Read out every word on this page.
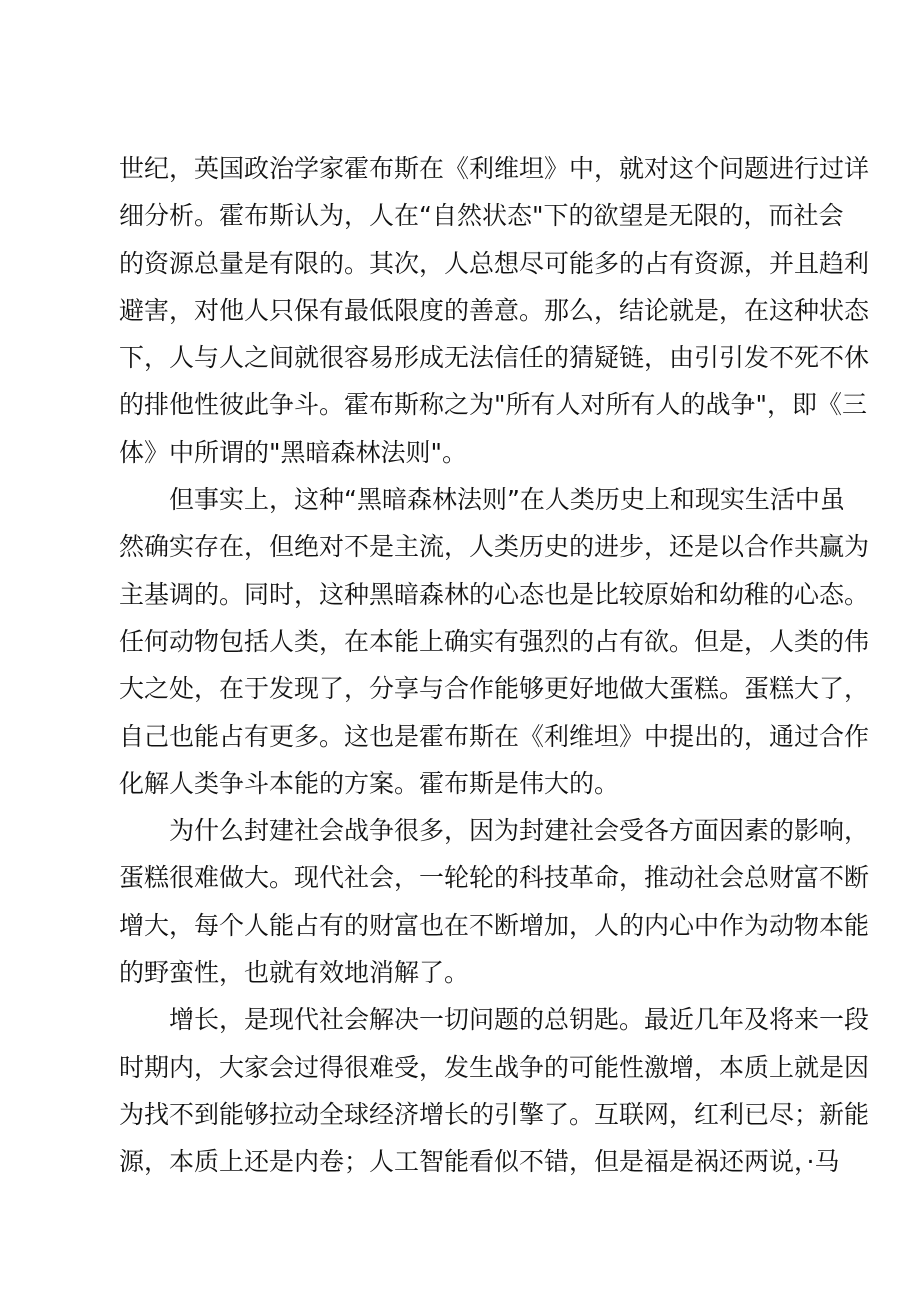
世纪，英国政治学家霍布斯在《利维坦》中，就对这个问题进行过详
细分析。霍布斯认为，人在“自然状态"下的欲望是无限的，而社会
的资源总量是有限的。其次，人总想尽可能多的占有资源，并且趋利
避害，对他人只保有最低限度的善意。那么，结论就是，在这种状态
下，人与人之间就很容易形成无法信任的猜疑链，由引引发不死不休
的排他性彼此争斗。霍布斯称之为"所有人对所有人的战争"，即《三
体》中所谓的"黑暗森林法则"。
但事实上，这种“黑暗森林法则”在人类历史上和现实生活中虽
然确实存在，但绝对不是主流，人类历史的进步，还是以合作共赢为
主基调的。同时，这种黑暗森林的心态也是比较原始和幼稚的心态。
任何动物包括人类，在本能上确实有强烈的占有欲。但是，人类的伟
大之处，在于发现了，分享与合作能够更好地做大蛋糕。蛋糕大了，
自己也能占有更多。这也是霍布斯在《利维坦》中提出的，通过合作
化解人类争斗本能的方案。霍布斯是伟大的。
为什么封建社会战争很多，因为封建社会受各方面因素的影响，
蛋糕很难做大。现代社会，一轮轮的科技革命，推动社会总财富不断
增大，每个人能占有的财富也在不断增加，人的内心中作为动物本能
的野蛮性，也就有效地消解了。
增长，是现代社会解决一切问题的总钥匙。最近几年及将来一段
时期内，大家会过得很难受，发生战争的可能性激增，本质上就是因
为找不到能够拉动全球经济增长的引擎了。互联网，红利已尽；新能
源，本质上还是内卷；人工智能看似不错，但是福是祸还两说，·马
